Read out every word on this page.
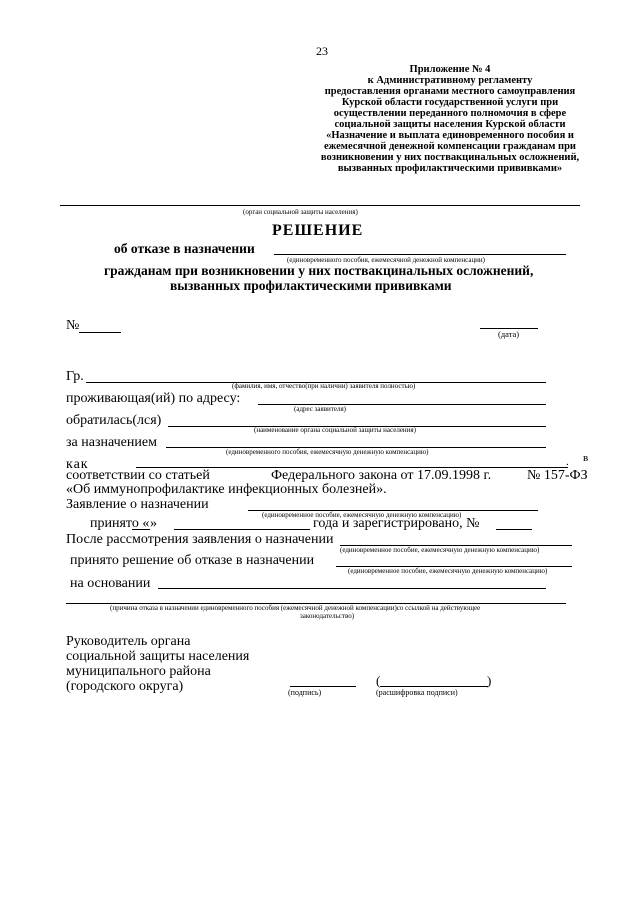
23
Приложение № 4
к Административному регламенту
предоставления органами местного самоуправления
Курской области государственной услуги при
осуществлении переданного полномочия в сфере
социальной защиты населения Курской области
«Назначение и выплата единовременного пособия и
ежемесячной денежной компенсации гражданам при
возникновении у них поствакцинальных осложнений,
вызванных профилактическими прививками»
(орган социальной защиты населения)
РЕШЕНИЕ
об отказе в назначении
(единовременного пособия, ежемесячной денежной компенсации)
гражданам при возникновении у них поствакцинальных осложнений,
вызванных профилактическими прививками
№
(дата)
Гр.
(фамилия, имя, отчество(при наличии) заявителя полностью)
проживающая(ий) по адресу:
(адрес заявителя)
обратилась(лся)
(наименование органа социальной защиты населения)
за назначением
(единовременного пособия, ежемесячную денежную компенсацию)
как	в
.
соответствии со статьей	Федерального закона от 17.09.1998 г.	№ 157-ФЗ
«Об иммунопрофилактике инфекционных болезней».
Заявление о назначении
(единовременное пособие, ежемесячную денежную компенсацию)
принято « »	года и зарегистрировано, №
После рассмотрения заявления о назначении
(единовременное пособие, ежемесячную денежную компенсацию)
принято решение об отказе в назначении
(единовременное пособие, ежемесячную денежную компенсацию)
на основании
(причина отказа в назначении единовременного пособия (ежемесячной денежной компенсации)со ссылкой на действующее
законодательство)
Руководитель органа
социальной защиты населения
муниципального района
(городского округа)	(подпись)
(	)
(расшифровка подписи)
